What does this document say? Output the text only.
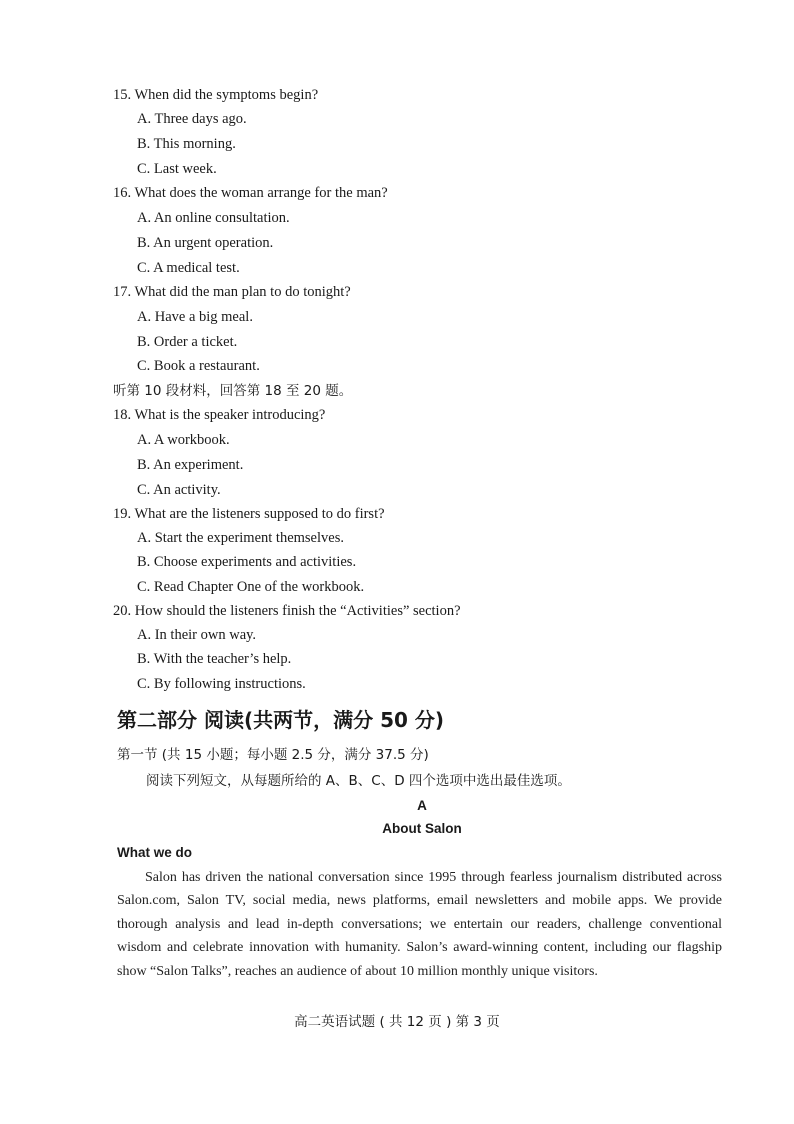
15. When did the symptoms begin?
A. Three days ago.
B. This morning.
C. Last week.
16. What does the woman arrange for the man?
A. An online consultation.
B. An urgent operation.
C. A medical test.
17. What did the man plan to do tonight?
A. Have a big meal.
B. Order a ticket.
C. Book a restaurant.
听第 10 段材料，回答第 18 至 20 题。
18. What is the speaker introducing?
A. A workbook.
B. An experiment.
C. An activity.
19. What are the listeners supposed to do first?
A. Start the experiment themselves.
B. Choose experiments and activities.
C. Read Chapter One of the workbook.
20. How should the listeners finish the “Activities” section?
A. In their own way.
B. With the teacher’s help.
C. By following instructions.
第二部分 阅读(共两节，满分 50 分)
第一节 (共 15 小题；每小题 2.5 分，满分 37.5 分)
阅读下列短文，从每题所给的 A、B、C、D 四个选项中选出最佳选项。
A
About Salon
What we do
Salon has driven the national conversation since 1995 through fearless journalism distributed across Salon.com, Salon TV, social media, news platforms, email newsletters and mobile apps. We provide thorough analysis and lead in-depth conversations; we entertain our readers, challenge conventional wisdom and celebrate innovation with humanity. Salon’s award-winning content, including our flagship show “Salon Talks”, reaches an audience of about 10 million monthly unique visitors.
高二英语试题 ( 共 12 页 ) 第 3 页
